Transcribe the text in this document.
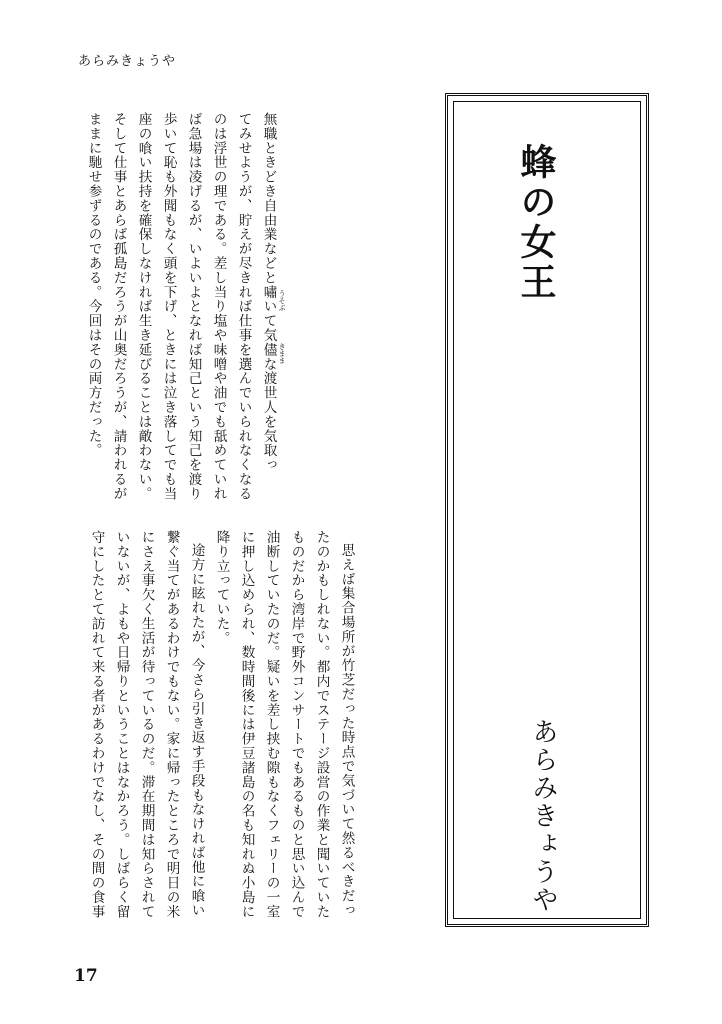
あらみきょうや
無職ときどき自由業などと嘯いて気儘な渡世人を気取っ
てみせようが、貯えが尽きれば仕事を選んでいられなくなる
のは浮世の理である。差し当り塩や味噌や油でも舐めていれ
ば急場は凌げるが、いよいよとなれば知己という知己を渡り
歩いて恥も外聞もなく頭を下げ、ときには泣き落してでも当
座の喰い扶持を確保しなければ生き延びることは敵わない。
そして仕事とあらば孤島だろうが山奥だろうが、請われるが
ままに馳せ参ずるのである。今回はその両方だった。	うそぶ
きまま
思えば集合場所が竹芝だった時点で気づいて然るべきだっ
たのかもしれない。都内でステージ設営の作業と聞いていた
ものだから湾岸で野外コンサートでもあるものと思い込んで
油断していたのだ。疑いを差し挟む隙もなくフェリーの一室
に押し込められ、数時間後には伊豆諸島の名も知れぬ小島に
降り立っていた。
途方に眩れたが、今さら引き返す手段もなければ他に喰い
繋ぐ当てがあるわけでもない。家に帰ったところで明日の米
にさえ事欠く生活が待っているのだ。滞在期間は知らされて
いないが、よもや日帰りということはなかろう。しばらく留
守にしたとて訪れて来る者があるわけでなし、その間の食事
蜂の女王
あらみきょうや
17
